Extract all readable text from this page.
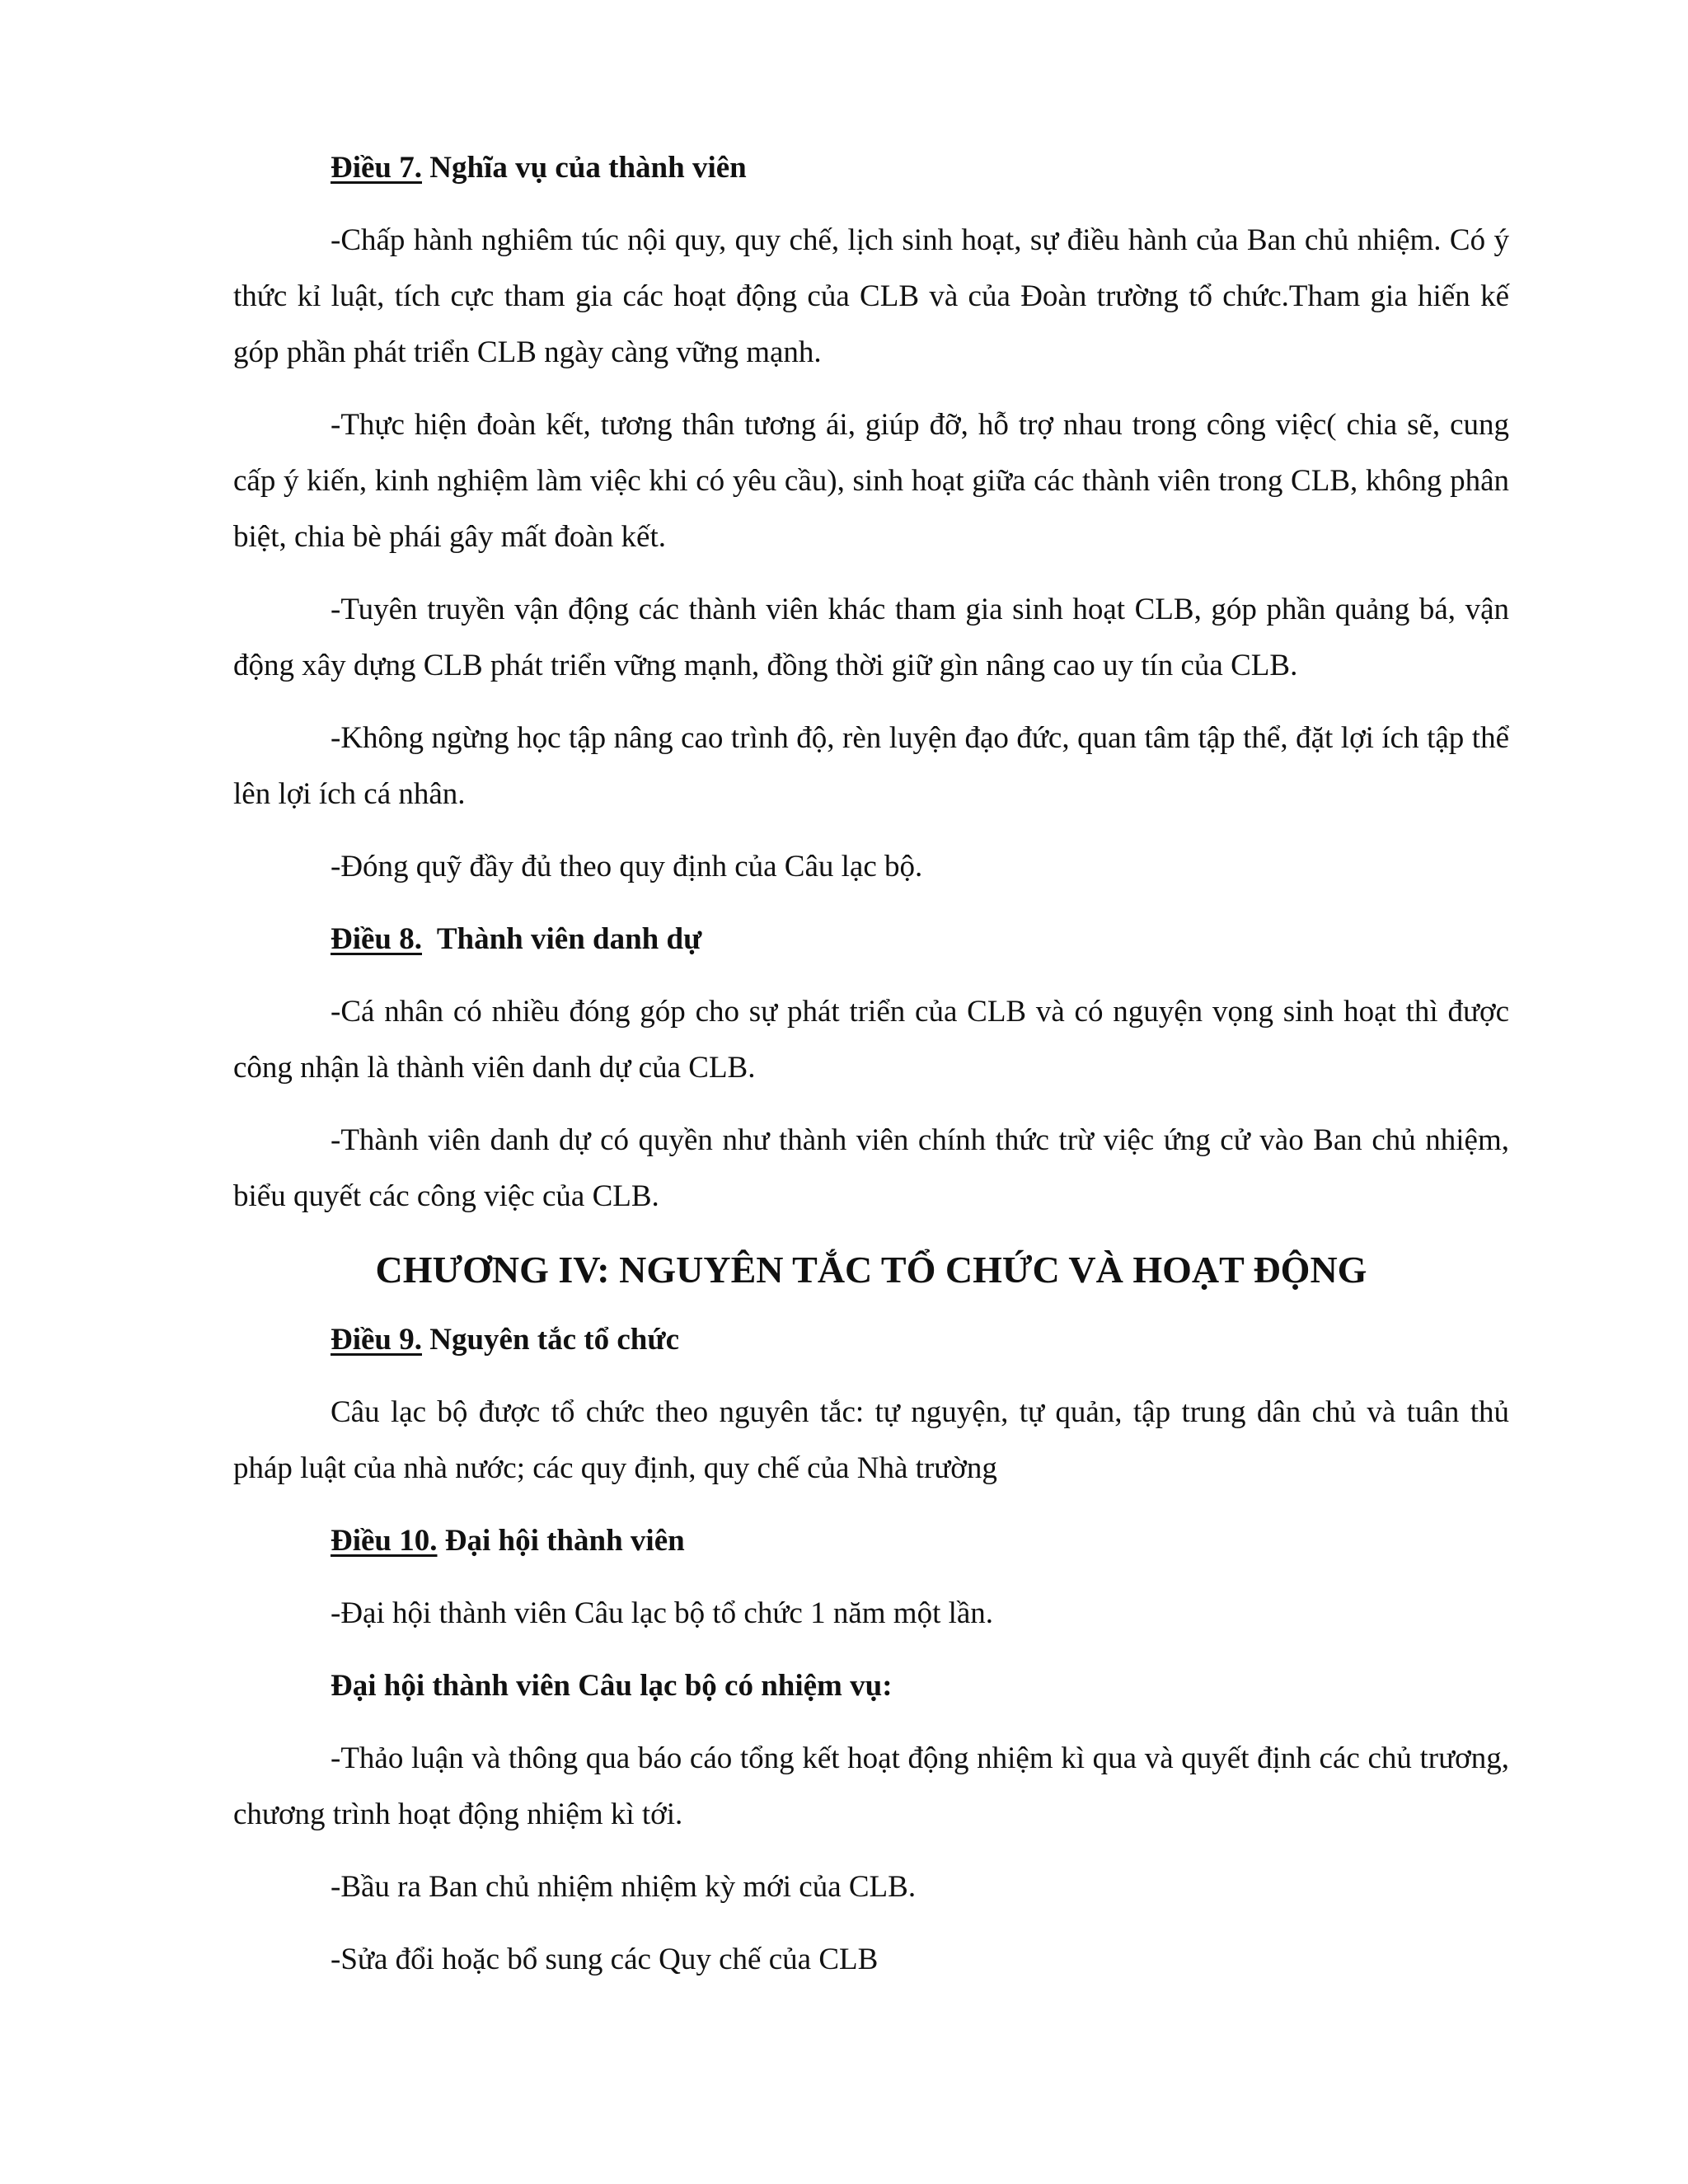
Điều 7. Nghĩa vụ của thành viên

-Chấp hành nghiêm túc nội quy, quy chế, lịch sinh hoạt, sự điều hành của Ban chủ nhiệm. Có ý thức kỉ luật, tích cực tham gia các hoạt động của CLB và của Đoàn trường tổ chức.Tham gia hiến kế góp phần phát triển CLB ngày càng vững mạnh.

-Thực hiện đoàn kết, tương thân tương ái, giúp đỡ, hỗ trợ nhau trong công việc( chia sẽ, cung cấp ý kiến, kinh nghiệm làm việc khi có yêu cầu), sinh hoạt giữa các thành viên trong CLB, không phân biệt, chia bè phái gây mất đoàn kết.

-Tuyên truyền vận động các thành viên khác tham gia sinh hoạt CLB, góp phần quảng bá, vận động xây dựng CLB phát triển vững mạnh, đồng thời giữ gìn nâng cao uy tín của CLB.

-Không ngừng học tập nâng cao trình độ, rèn luyện đạo đức, quan tâm tập thể, đặt lợi ích tập thể lên lợi ích cá nhân.

-Đóng quỹ đầy đủ theo quy định của Câu lạc bộ.

Điều 8.  Thành viên danh dự

-Cá nhân có nhiều đóng góp cho sự phát triển của CLB và có nguyện vọng sinh hoạt thì được công nhận là thành viên danh dự của CLB.

-Thành viên danh dự có quyền như thành viên chính thức trừ việc ứng cử vào Ban chủ nhiệm, biểu quyết các công việc của CLB.

CHƯƠNG IV: NGUYÊN TẮC TỔ CHỨC VÀ HOẠT ĐỘNG
Điều 9. Nguyên tắc tổ chức

Câu lạc bộ được tổ chức theo nguyên tắc: tự nguyện, tự quản, tập trung dân chủ và tuân thủ pháp luật của nhà nước; các quy định, quy chế của Nhà trường

Điều 10. Đại hội thành viên

-Đại hội thành viên Câu lạc bộ tổ chức 1 năm một lần.

Đại hội thành viên Câu lạc bộ có nhiệm vụ:

-Thảo luận và thông qua báo cáo tổng kết hoạt động nhiệm kì qua và quyết định các chủ trương, chương trình hoạt động nhiệm kì tới.

-Bầu ra Ban chủ nhiệm nhiệm kỳ mới của CLB.

-Sửa đổi hoặc bổ sung các Quy chế của CLB
